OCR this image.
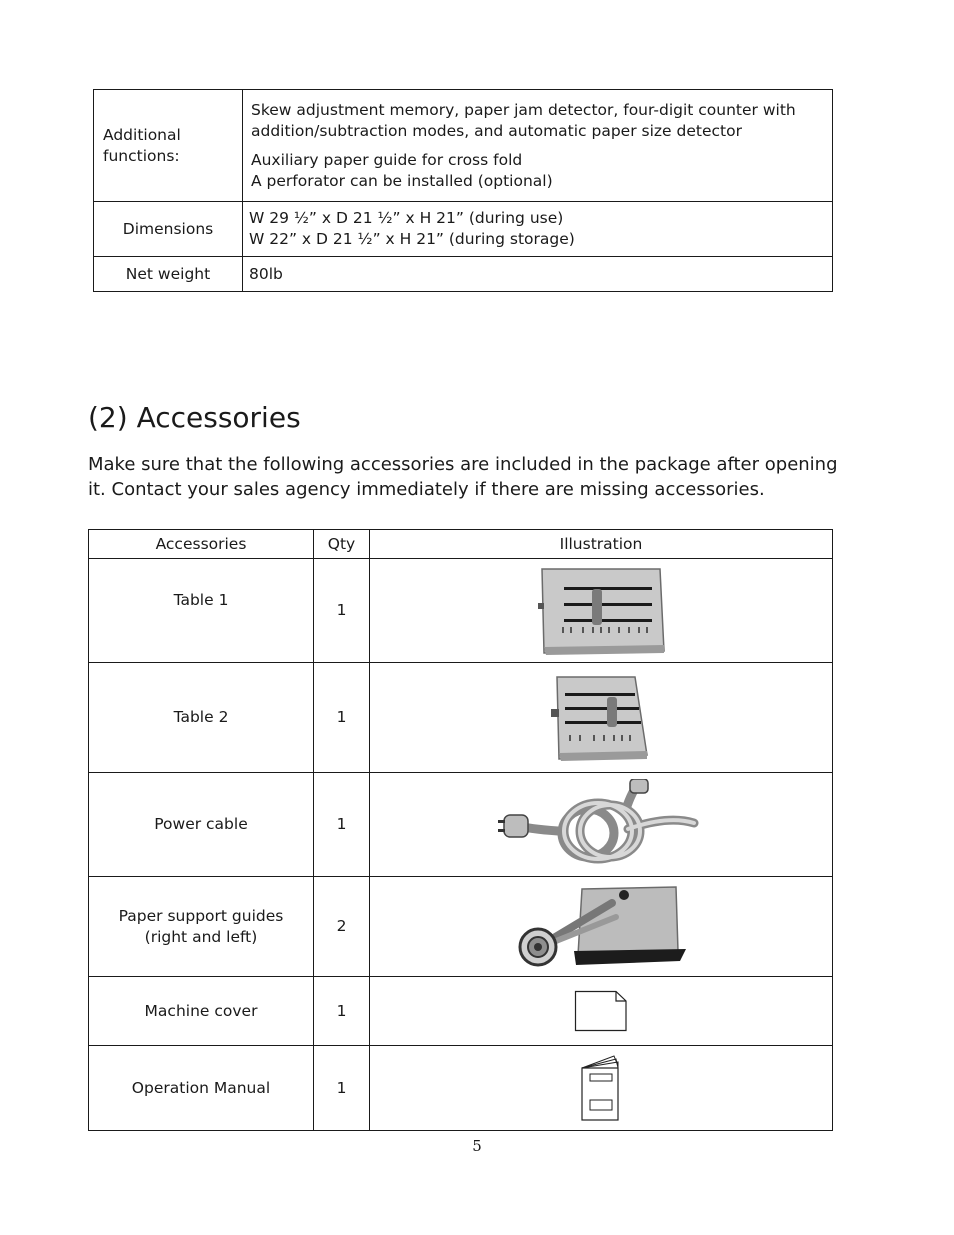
Additional functions:	Skew adjustment memory, paper jam detector, four-digit counter with
addition/subtraction modes, and automatic paper size detector

Auxiliary paper guide for cross fold
A perforator can be installed (optional)

Dimensions	W 29 ½” x D 21 ½” x H 21” (during use)
W 22” x D 21 ½” x H 21” (during storage)
Net weight	80lb
(2) Accessories

Make sure that the following accessories are included in the package after opening
it. Contact your sales agency immediately if there are missing accessories.

Accessories	Qty	Illustration
Table 1	1	

Table 2	1	

Power cable	1	

Paper support guides
(right and left)	2	

Machine cover	1	

Operation Manual	1	
5
